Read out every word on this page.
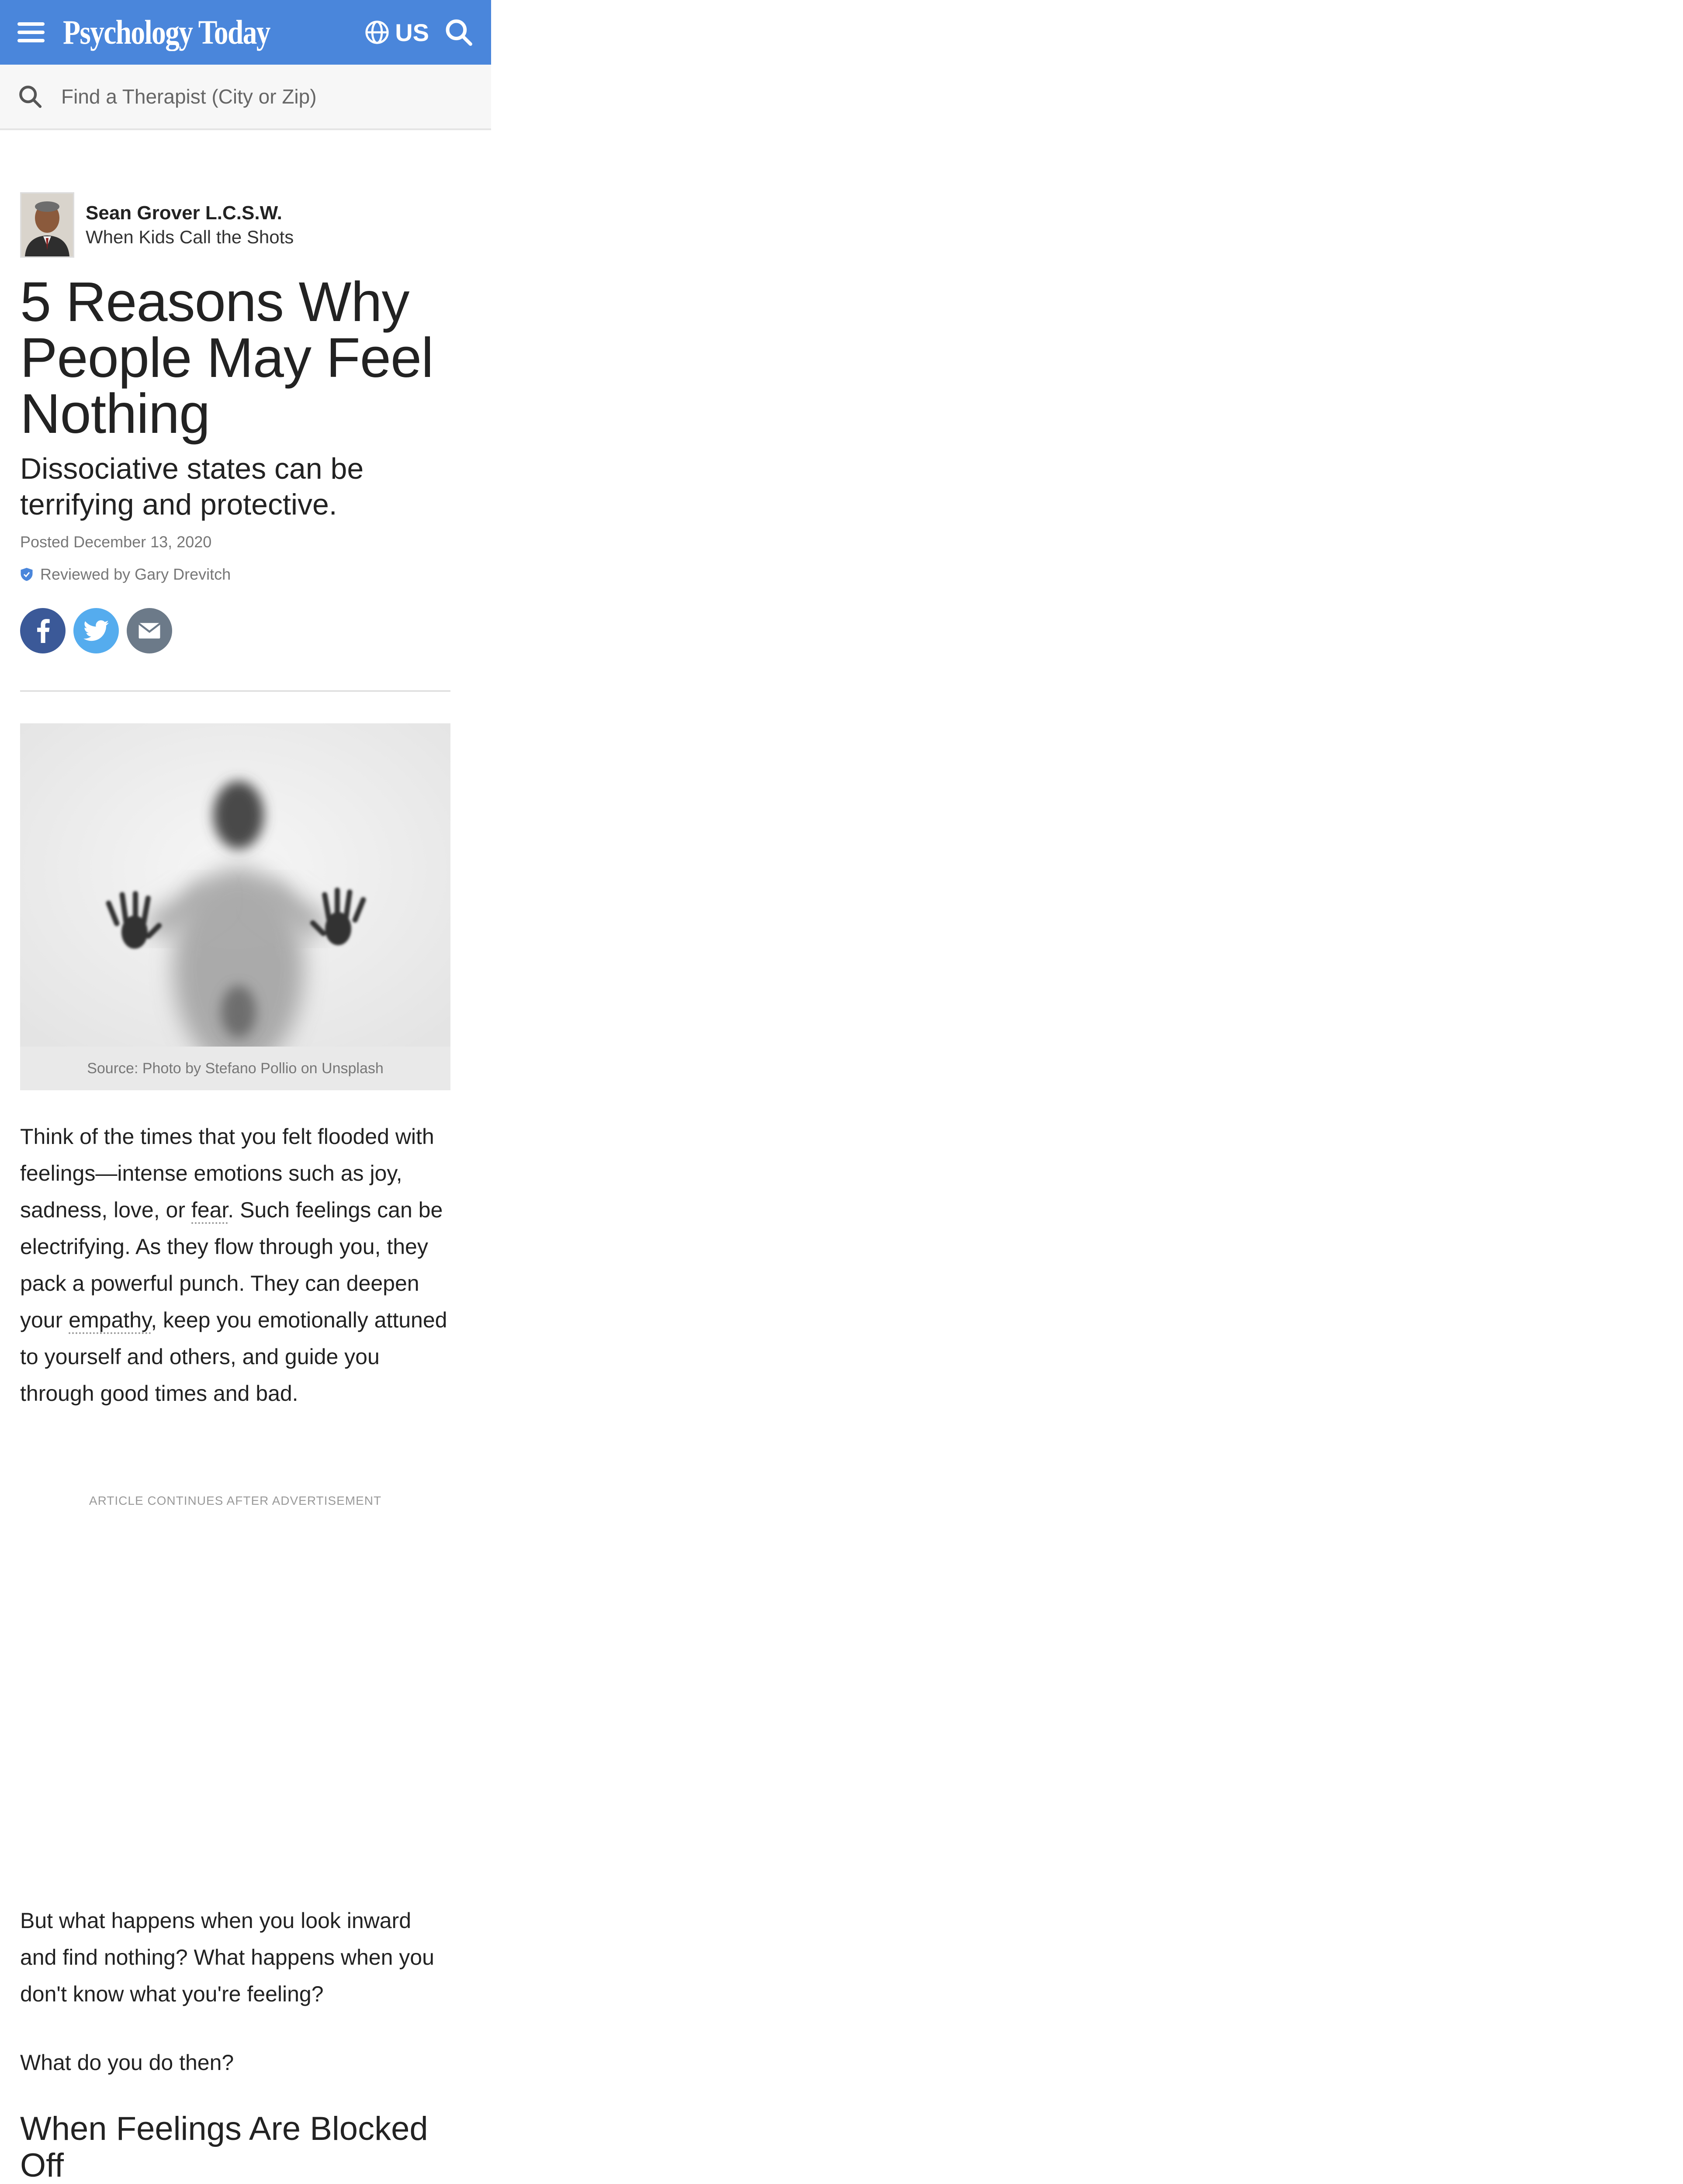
Psychology Today	US
Find a Therapist (City or Zip)
Sean Grover L.C.S.W.
When Kids Call the Shots
5 Reasons Why People May Feel Nothing

Dissociative states can be terrifying and protective.

Posted December 13, 2020
Reviewed by Gary Drevitch
Source: Photo by Stefano Pollio on Unsplash

Think of the times that you felt flooded with feelings—intense emotions such as joy, sadness, love, or fear. Such feelings can be electrifying. As they flow through you, they pack a powerful punch. They can deepen your empathy, keep you emotionally attuned to yourself and others, and guide you through good times and bad.

ARTICLE CONTINUES AFTER ADVERTISEMENT

But what happens when you look inward and find nothing? What happens when you don't know what you're feeling?

What do you do then?

When Feelings Are Blocked Off
